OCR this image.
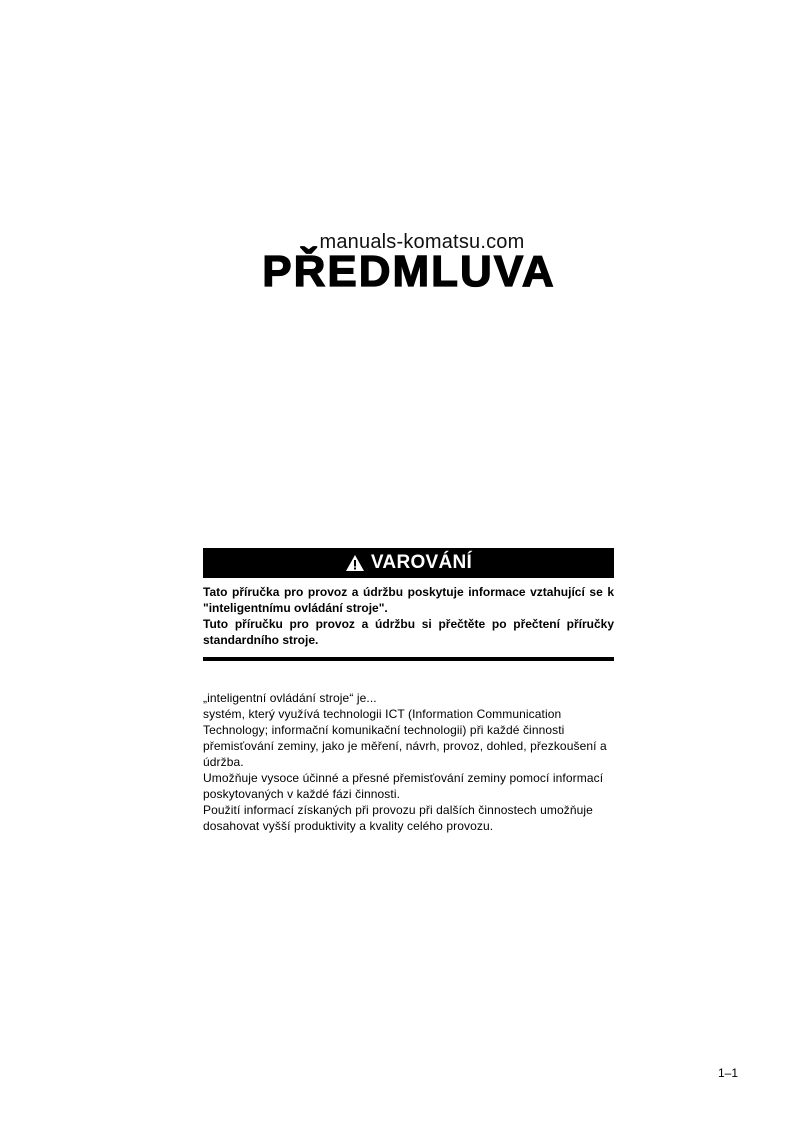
manuals-komatsu.com
PŘEDMLUVA
VAROVÁNÍ

Tato příručka pro provoz a údržbu poskytuje informace vztahující se k "inteligentnímu ovládání stroje".

Tuto příručku pro provoz a údržbu si přečtěte po přečtení příručky standardního stroje.

„inteligentní ovládání stroje“ je...

systém, který využívá technologii ICT (Information Communication Technology; informační komunikační technologii) při každé činnosti přemisťování zeminy, jako je měření, návrh, provoz, dohled, přezkoušení a údržba.

Umožňuje vysoce účinné a přesné přemisťování zeminy pomocí informací poskytovaných v každé fázi činnosti.

Použití informací získaných při provozu při dalších činnostech umožňuje dosahovat vyšší produktivity a kvality celého provozu.

1–1
